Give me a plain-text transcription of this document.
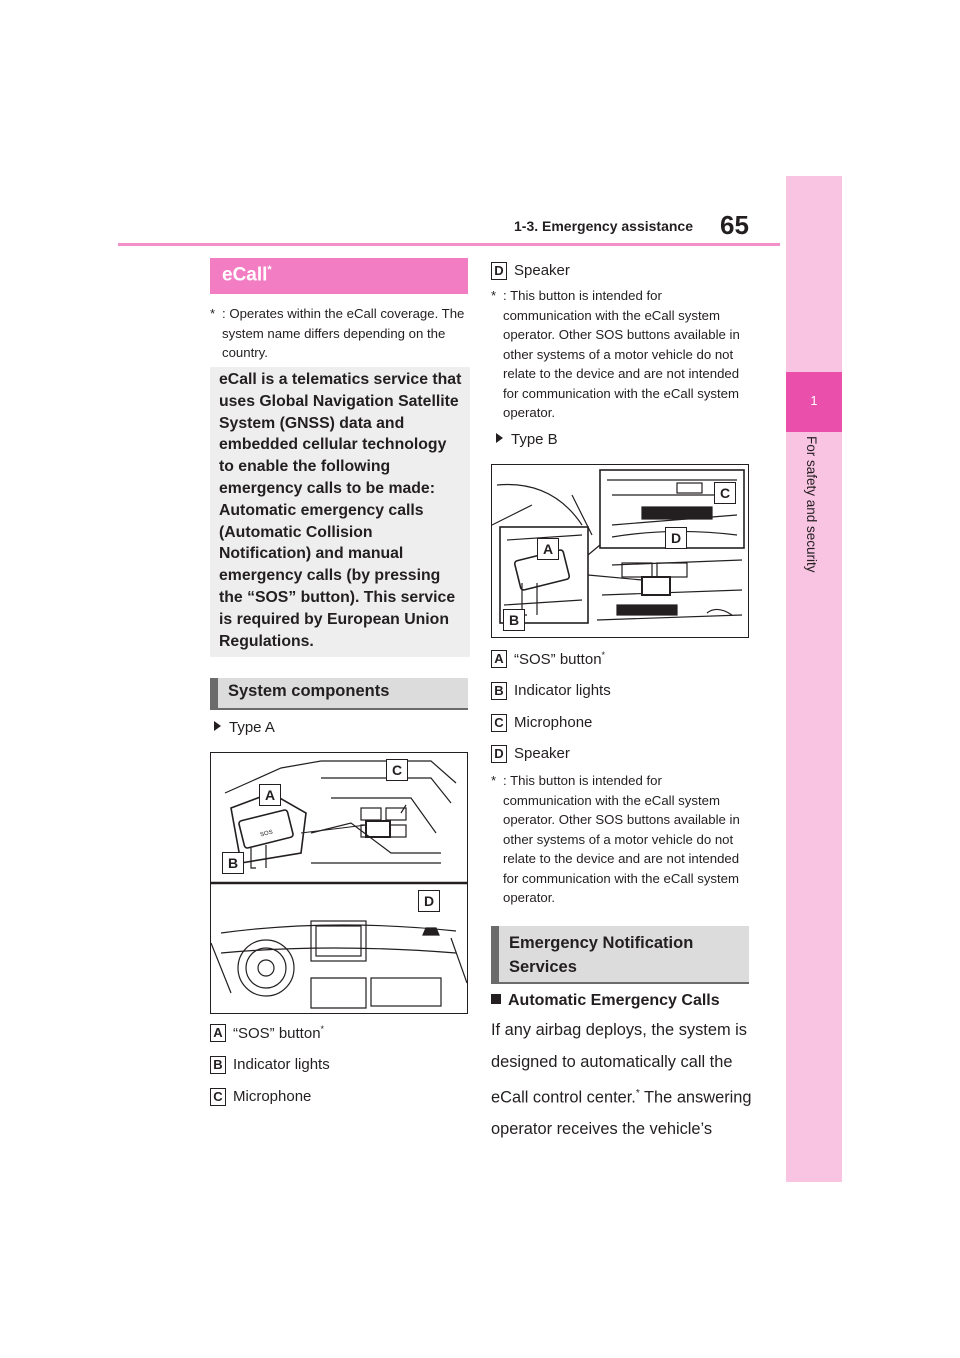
1-3. Emergency assistance 65
1
For safety and security
eCall*
* : Operates within the eCall coverage. The system name differs depending on the country.
eCall is a telematics service that uses Global Navigation Satellite System (GNSS) data and embedded cellular technology to enable the following emergency calls to be made: Automatic emergency calls (Automatic Collision Notification) and manual emergency calls (by pressing the “SOS” button). This service is required by European Union Regulations.
System components
Type A
SOS
A
B
C
D
A “SOS” button*
B Indicator lights
C Microphone
D Speaker
* : This button is intended for communication with the eCall system operator. Other SOS buttons available in other systems of a motor vehicle do not relate to the device and are not intended for communication with the eCall system operator.
Type B
C
D
A
B
A “SOS” button*
B Indicator lights
C Microphone
D Speaker
* : This button is intended for communication with the eCall system operator. Other SOS buttons available in other systems of a motor vehicle do not relate to the device and are not intended for communication with the eCall system operator.
Emergency Notification Services
Automatic Emergency Calls
If any airbag deploys, the system is designed to automatically call the eCall control center.* The answering operator receives the vehicle’s
